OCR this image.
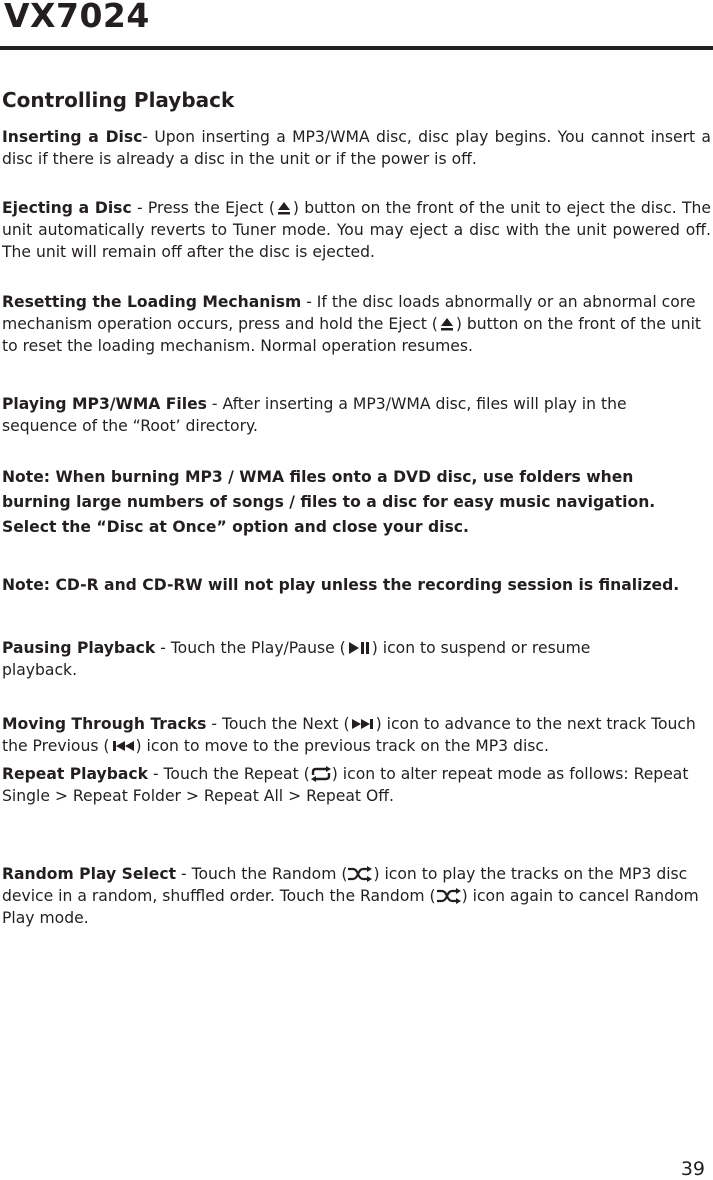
VX7024
Controlling Playback
Inserting a Disc- Upon inserting a MP3/WMA disc, disc play begins. You cannot insert a disc if there is already a disc in the unit or if the power is off.
Ejecting a Disc - Press the Eject ( ) button on the front of the unit to eject the disc. The unit automatically reverts to Tuner mode. You may eject a disc with the unit powered off. The unit will remain off after the disc is ejected.
Resetting the Loading Mechanism - If the disc loads abnormally or an abnormal core mechanism operation occurs, press and hold the Eject ( ) button on the front of the unit to reset the loading mechanism. Normal operation resumes.
Playing MP3/WMA Files - After inserting a MP3/WMA disc, files will play in the sequence of the “Root’ directory.
Note: When burning MP3 / WMA files onto a DVD disc, use folders when burning large numbers of songs / files to a disc for easy music navigation. Select the “Disc at Once” option and close your disc.
Note: CD-R and CD-RW will not play unless the recording session is finalized.
Pausing Playback - Touch the Play/Pause ( ) icon to suspend or resume playback.
Moving Through Tracks - Touch the Next ( ) icon to advance to the next track Touch the Previous ( ) icon to move to the previous track on the MP3 disc.
Repeat Playback - Touch the Repeat ( ) icon to alter repeat mode as follows: Repeat Single > Repeat Folder > Repeat All > Repeat Off.
Random Play Select - Touch the Random ( ) icon to play the tracks on the MP3 disc device in a random, shuffled order. Touch the Random ( ) icon again to cancel Random Play mode.
39
